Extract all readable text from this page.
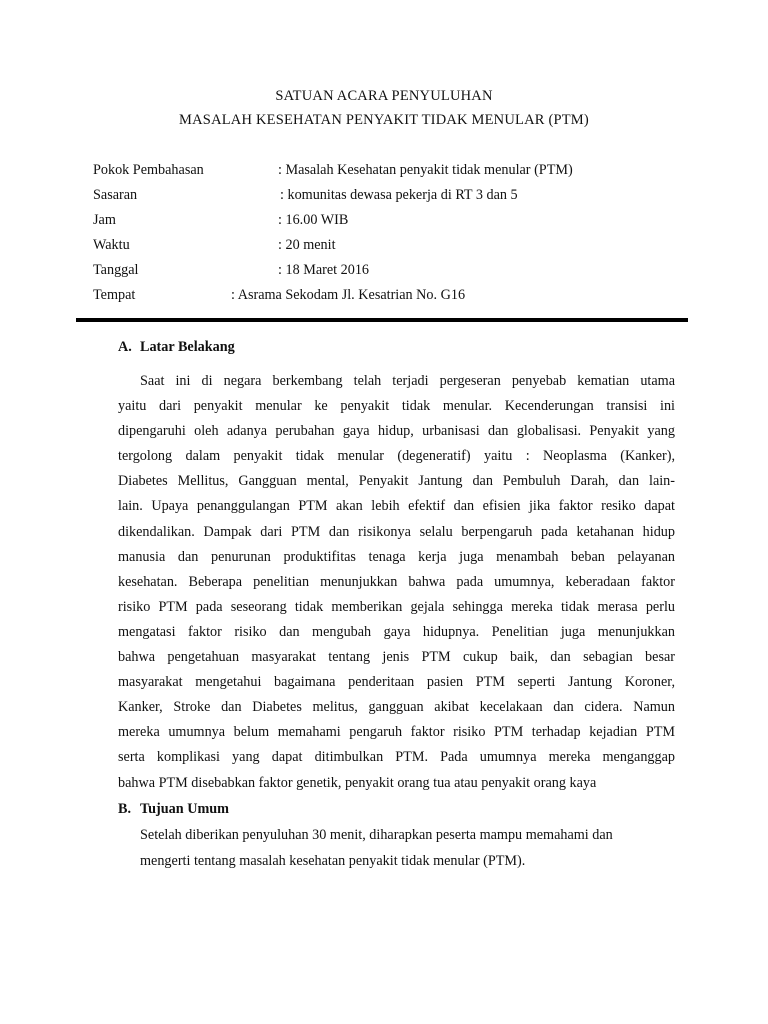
SATUAN ACARA PENYULUHAN
MASALAH KESEHATAN PENYAKIT TIDAK MENULAR (PTM)
Pokok Pembahasan	: Masalah Kesehatan penyakit tidak menular (PTM)
Sasaran	: komunitas dewasa pekerja di RT 3 dan 5
Jam	: 16.00 WIB
Waktu	: 20 menit
Tanggal	: 18 Maret 2016
Tempat	: Asrama Sekodam Jl. Kesatrian No. G16
A. Latar Belakang
Saat ini di negara berkembang telah terjadi pergeseran penyebab kematian utama
yaitu dari penyakit menular ke penyakit tidak menular. Kecenderungan transisi ini
dipengaruhi oleh adanya perubahan gaya hidup, urbanisasi dan globalisasi. Penyakit yang
tergolong dalam penyakit tidak menular (degeneratif) yaitu : Neoplasma (Kanker),
Diabetes Mellitus, Gangguan mental, Penyakit Jantung dan Pembuluh Darah, dan lain-
lain. Upaya penanggulangan PTM akan lebih efektif dan efisien jika faktor resiko dapat
dikendalikan. Dampak dari PTM dan risikonya selalu berpengaruh pada ketahanan hidup
manusia dan penurunan produktifitas tenaga kerja juga menambah beban pelayanan
kesehatan. Beberapa penelitian menunjukkan bahwa pada umumnya, keberadaan faktor
risiko PTM pada seseorang tidak memberikan gejala sehingga mereka tidak merasa perlu
mengatasi faktor risiko dan mengubah gaya hidupnya. Penelitian juga menunjukkan
bahwa pengetahuan masyarakat tentang jenis PTM cukup baik, dan sebagian besar
masyarakat mengetahui bagaimana penderitaan pasien PTM seperti Jantung Koroner,
Kanker, Stroke dan Diabetes melitus, gangguan akibat kecelakaan dan cidera. Namun
mereka umumnya belum memahami pengaruh faktor risiko PTM terhadap kejadian PTM
serta komplikasi yang dapat ditimbulkan PTM. Pada umumnya mereka menganggap
bahwa PTM disebabkan faktor genetik, penyakit orang tua atau penyakit orang kaya
B. Tujuan Umum
Setelah diberikan penyuluhan 30 menit, diharapkan peserta mampu memahami dan
mengerti tentang masalah kesehatan penyakit tidak menular (PTM).
